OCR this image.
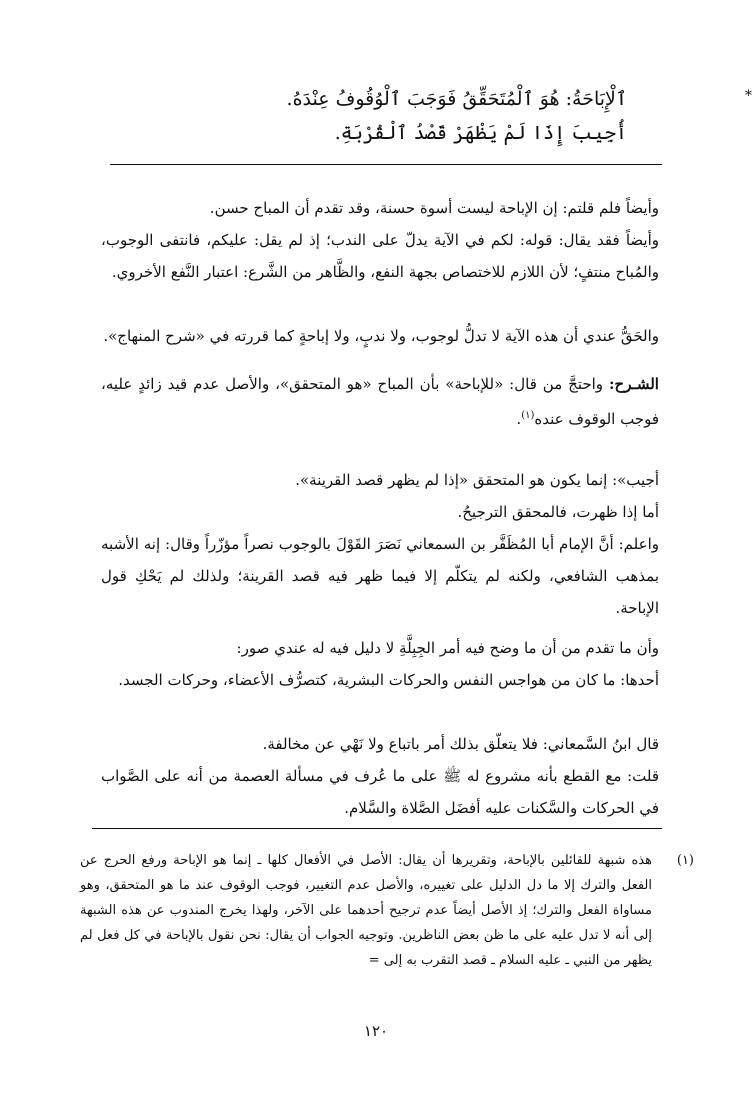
*
ٱلْإِبَاحَةُ: هُوَ ٱلْمُتَحَقِّقُ فَوَجَبَ ٱلْوُقُوفُ عِنْدَهُ.
أُجِيبَ إِذَا لَمْ يَظْهَرْ قَصْدُ ٱلْقُرْبَةِ.
وأيضاً فلم قلتم: إن الإباحة ليست أسوة حسنة، وقد تقدم أن المباح حسن.
وأيضاً فقد يقال: قوله: لكم في الآية يدلّ على الندب؛ إذ لم يقل: عليكم، فانتفى الوجوب، والمُباح منتفٍ؛ لأن اللازم للاختصاص بجهة النفع، والظَّاهر من الشَّرع: اعتبار النَّفع الأخروي.
والحَقُّ عندي أن هذه الآية لا تدلُّ لوجوب، ولا ندبٍ، ولا إباحةٍ كما قررته في «شرح المنهاج».
الشـرح: واحتجَّ من قال: «للإباحة» بأن المباح «هو المتحقق»، والأصل عدم قيد زائدٍ عليه، فوجب الوقوف عنده$^{(١)}$.
أجيب»: إنما يكون هو المتحقق «إذا لم يظهر قصد القرينة».
أما إذا ظهرت، فالمحقق الترجيحُ.
واعلم: أنَّ الإمام أبا المُظَفَّر بن السمعاني نَصَرَ القَوْلَ بالوجوب نصراً مؤزّراً وقال: إنه الأشبه بمذهب الشافعي، ولكنه لم يتكلّم إلا فيما ظهر فيه قصد القرينة؛ ولذلك لم يَحْكِ قول الإباحة.
وأن ما تقدم من أن ما وضح فيه أمر الجِبِلَّةِ لا دليل فيه له عندي صور:
أحدها: ما كان من هواجس النفس والحركات البشرية، كتصرُّف الأعضاء، وحركات الجسد.
قال ابنُ السَّمعاني: فلا يتعلّق بذلك أمر باتباع ولا نَهْي عن مخالفة.
قلت: مع القطع بأنه مشروع له ﷺ على ما عُرف في مسألة العصمة من أنه على الصَّواب في الحركات والسَّكنات عليه أفضَل الصَّلاة والسَّلام.
(١)
هذه شبهة للقائلين بالإباحة، وتقريرها أن يقال: الأصل في الأفعال كلها ـ إنما هو الإباحة ورفع الحرج عن الفعل والترك إلا ما دل الدليل على تغييره، والأصل عدم التغيير، فوجب الوقوف عند ما هو المتحقق، وهو مساواة الفعل والترك؛ إذ الأصل أيضاً عدم ترجيح أحدهما على الآخر، ولهذا يخرج المندوب عن هذه الشبهة إلى أنه لا تدل عليه على ما ظن بعض الناظرين. وتوجيه الجواب أن يقال: نحن نقول بالإباحة في كل فعل لم يظهر من النبي ـ عليه السلام ـ قصد التقرب به إلى =
١٢٠
